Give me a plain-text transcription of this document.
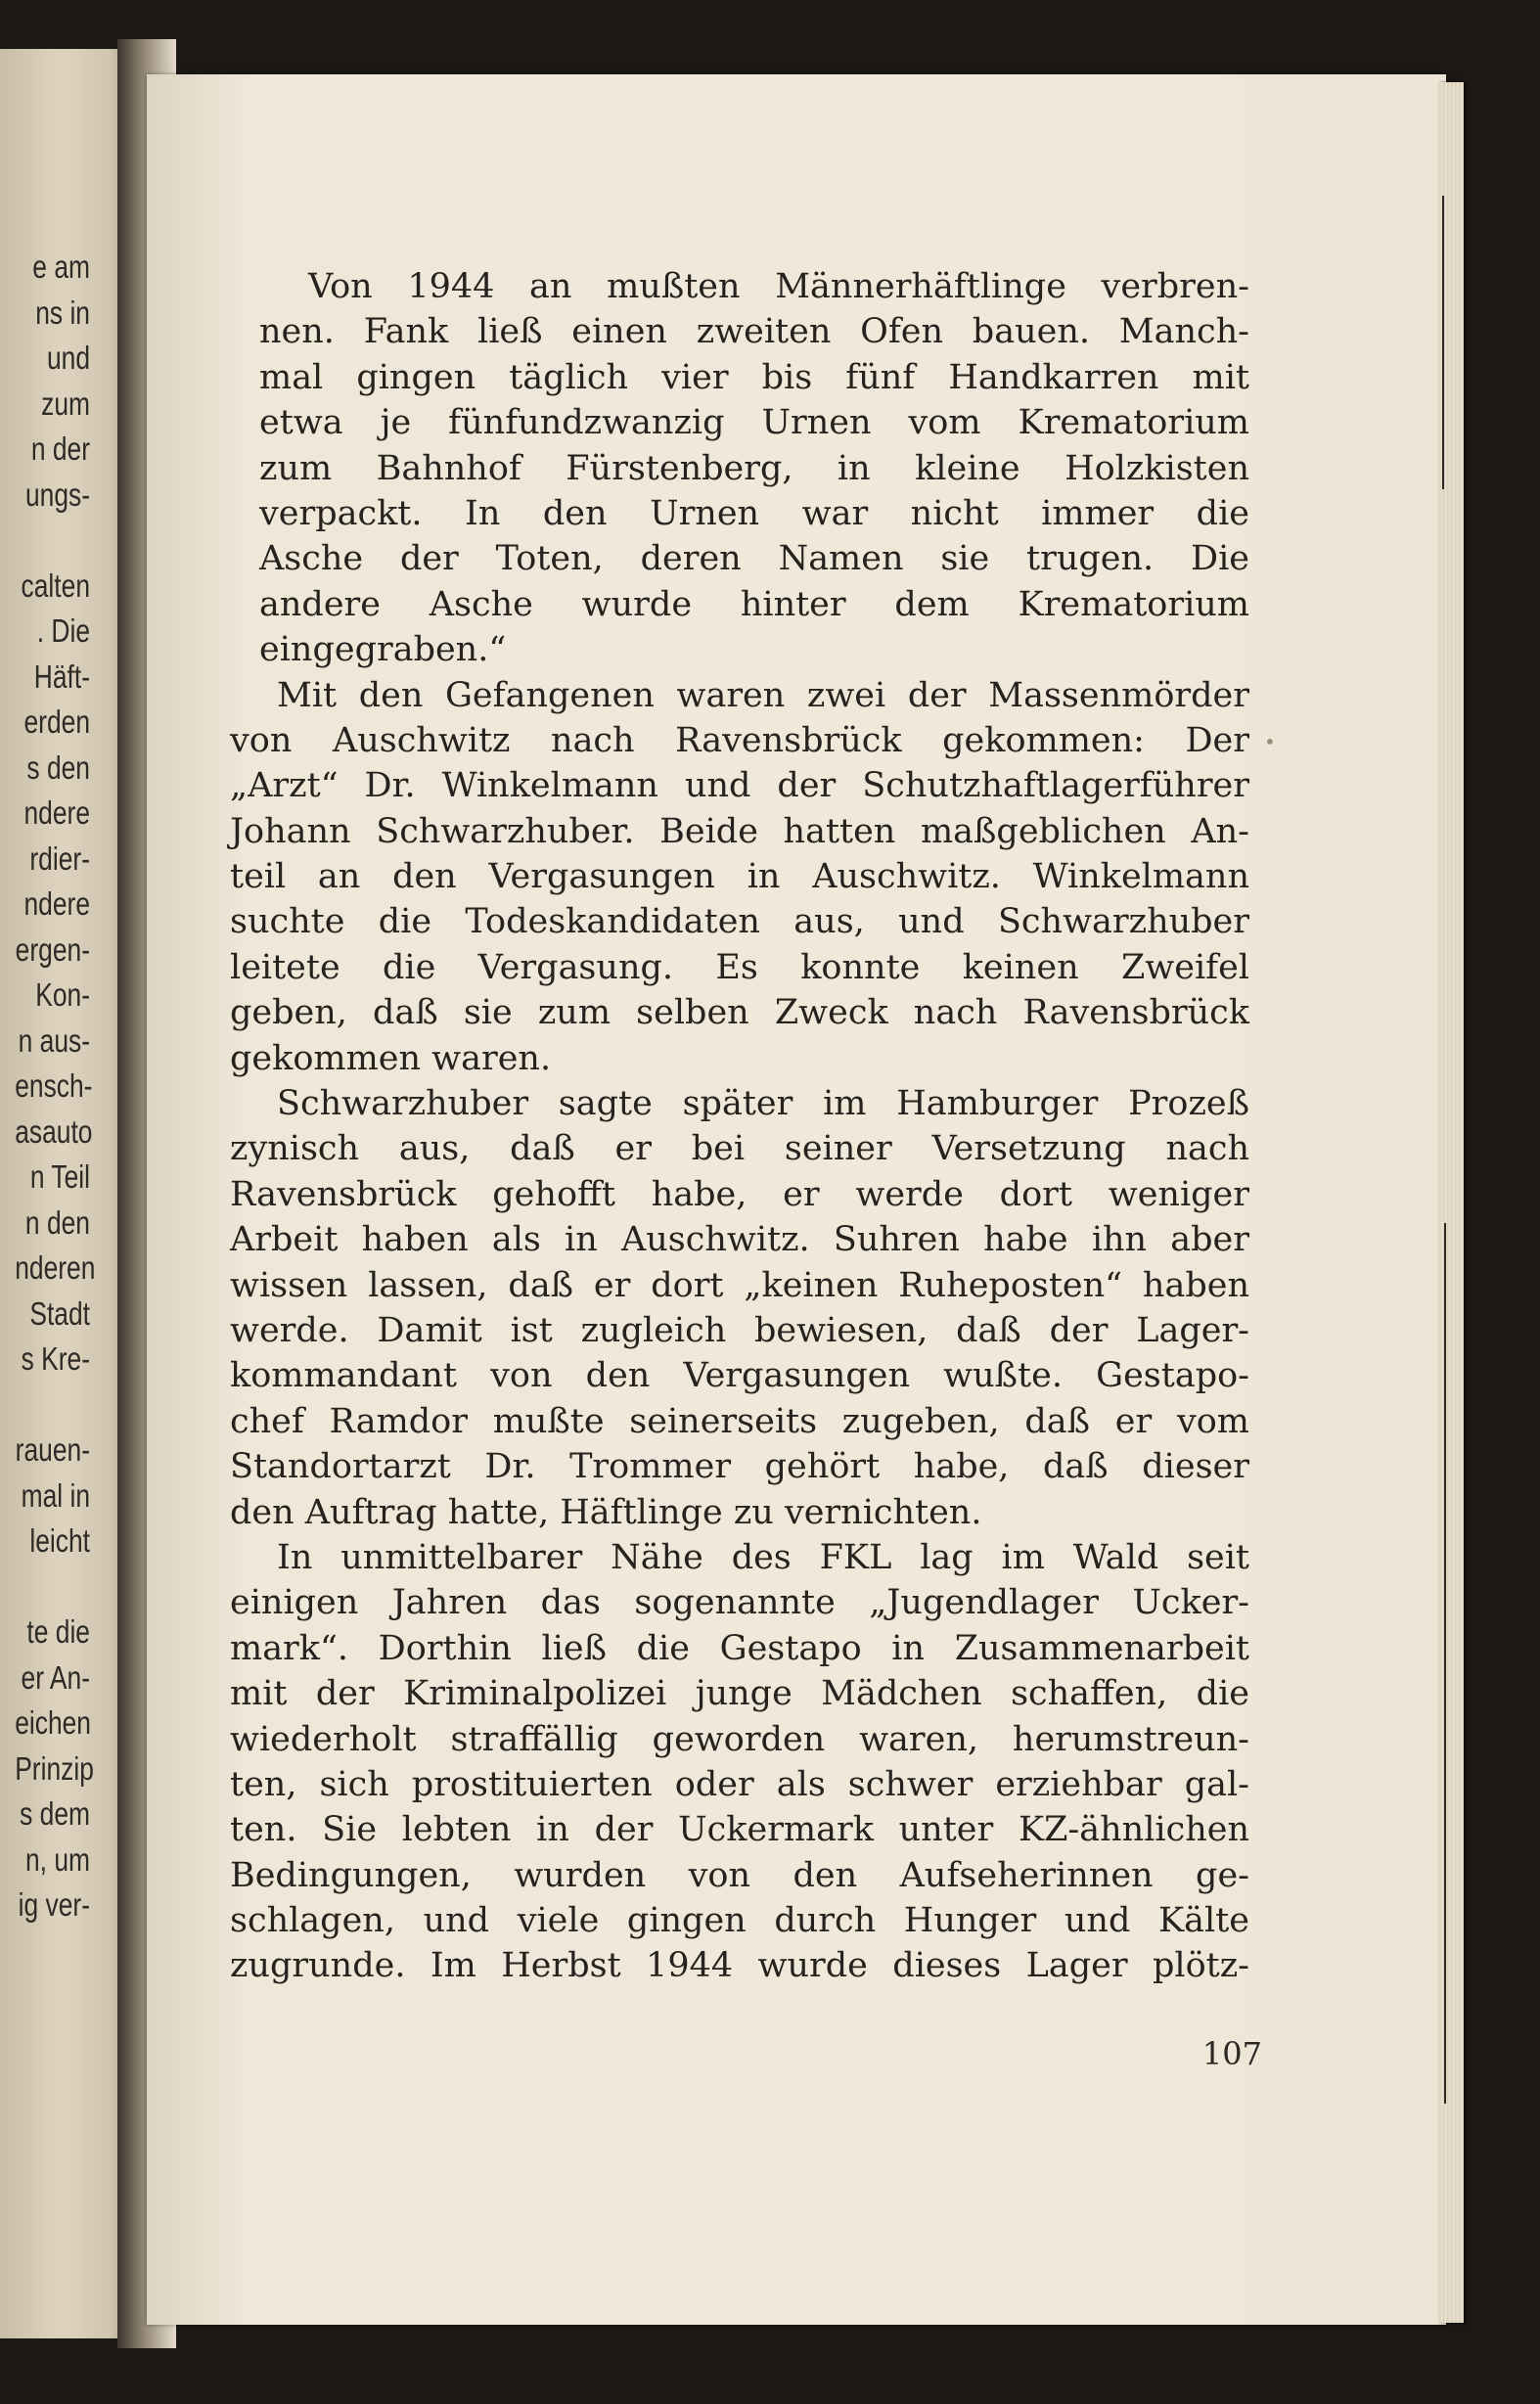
e am
ns in
und
zum
n der
ungs-
calten
. Die
Häft-
erden
s den
ndere
rdier-
ndere
ergen-
Kon-
n aus-
ensch-
asauto
n Teil
n den
nderen
Stadt
s Kre-
rauen-
mal in
leicht
te die
er An-
eichen
Prinzip
s dem
n, um
ig ver-
Von 1944 an mußten Männerhäftlinge verbren-
nen. Fank ließ einen zweiten Ofen bauen. Manch-
mal gingen täglich vier bis fünf Handkarren mit
etwa je fünfundzwanzig Urnen vom Krematorium
zum Bahnhof Fürstenberg, in kleine Holzkisten
verpackt. In den Urnen war nicht immer die
Asche der Toten, deren Namen sie trugen. Die
andere Asche wurde hinter dem Krematorium
eingegraben.“
Mit den Gefangenen waren zwei der Massenmörder
von Auschwitz nach Ravensbrück gekommen: Der
„Arzt“ Dr. Winkelmann und der Schutzhaftlagerführer
Johann Schwarzhuber. Beide hatten maßgeblichen An-
teil an den Vergasungen in Auschwitz. Winkelmann
suchte die Todeskandidaten aus, und Schwarzhuber
leitete die Vergasung. Es konnte keinen Zweifel
geben, daß sie zum selben Zweck nach Ravensbrück
gekommen waren.
Schwarzhuber sagte später im Hamburger Prozeß
zynisch aus, daß er bei seiner Versetzung nach
Ravensbrück gehofft habe, er werde dort weniger
Arbeit haben als in Auschwitz. Suhren habe ihn aber
wissen lassen, daß er dort „keinen Ruheposten“ haben
werde. Damit ist zugleich bewiesen, daß der Lager-
kommandant von den Vergasungen wußte. Gestapo-
chef Ramdor mußte seinerseits zugeben, daß er vom
Standortarzt Dr. Trommer gehört habe, daß dieser
den Auftrag hatte, Häftlinge zu vernichten.
In unmittelbarer Nähe des FKL lag im Wald seit
einigen Jahren das sogenannte „Jugendlager Ucker-
mark“. Dorthin ließ die Gestapo in Zusammenarbeit
mit der Kriminalpolizei junge Mädchen schaffen, die
wiederholt straffällig geworden waren, herumstreun-
ten, sich prostituierten oder als schwer erziehbar gal-
ten. Sie lebten in der Uckermark unter KZ-ähnlichen
Bedingungen, wurden von den Aufseherinnen ge-
schlagen, und viele gingen durch Hunger und Kälte
zugrunde. Im Herbst 1944 wurde dieses Lager plötz-
•
107
